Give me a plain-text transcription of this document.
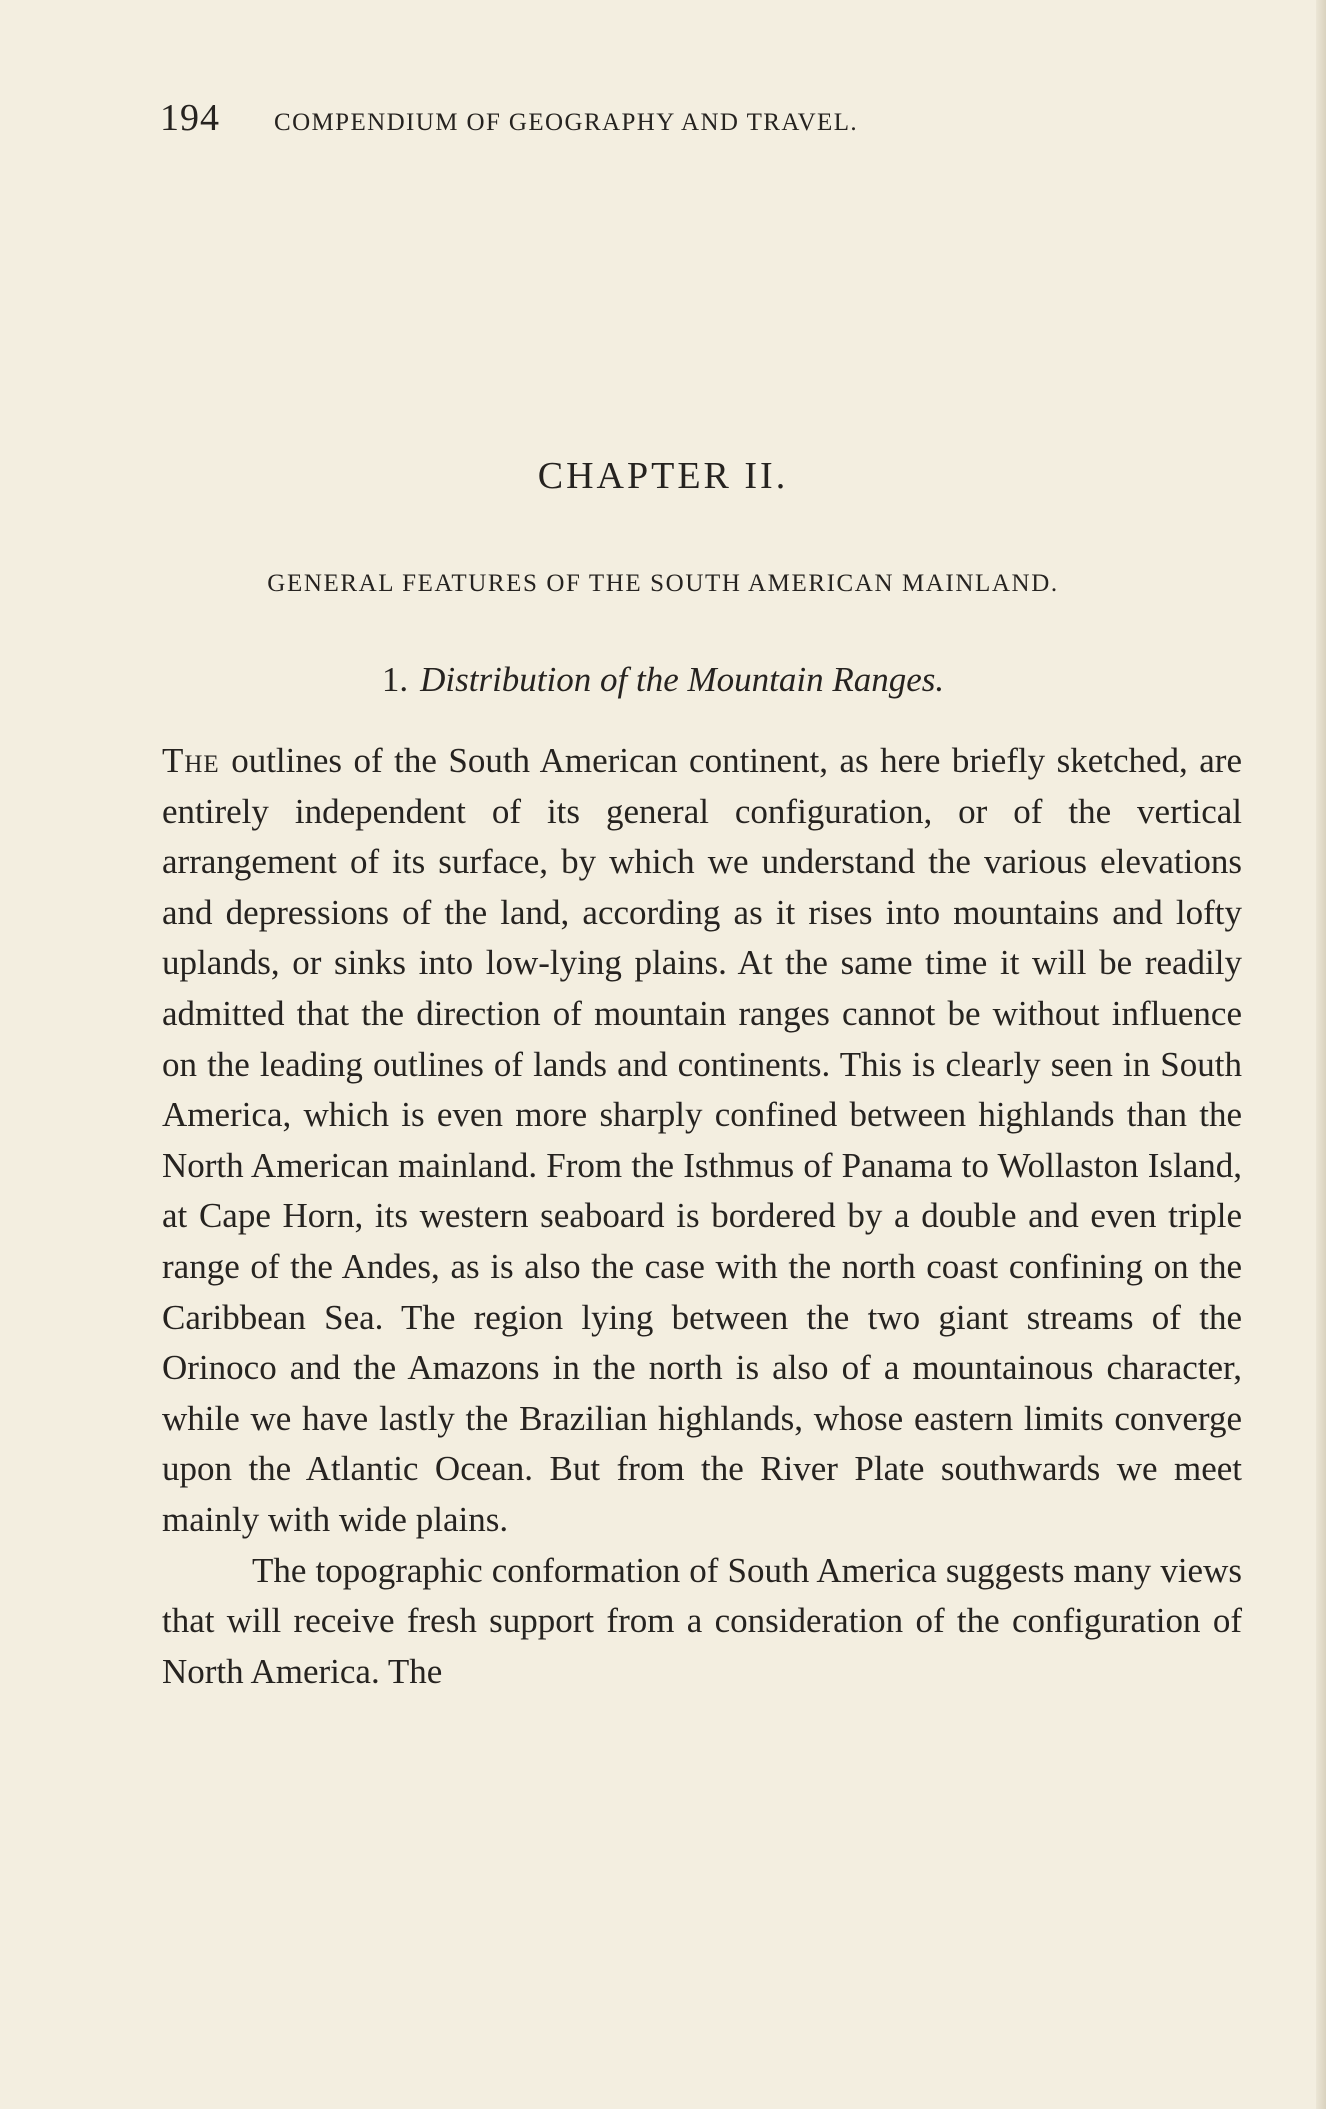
194 COMPENDIUM OF GEOGRAPHY AND TRAVEL.
CHAPTER II.
GENERAL FEATURES OF THE SOUTH AMERICAN MAINLAND.
1. Distribution of the Mountain Ranges.

The outlines of the South American continent, as here briefly sketched, are entirely independent of its general configuration, or of the vertical arrangement of its surface, by which we understand the various elevations and depressions of the land, according as it rises into mountains and lofty uplands, or sinks into low-lying plains. At the same time it will be readily admitted that the direction of mountain ranges cannot be without influence on the leading outlines of lands and continents. This is clearly seen in South America, which is even more sharply confined between highlands than the North American mainland. From the Isthmus of Panama to Wollaston Island, at Cape Horn, its western seaboard is bordered by a double and even triple range of the Andes, as is also the case with the north coast confining on the Caribbean Sea. The region lying between the two giant streams of the Orinoco and the Amazons in the north is also of a mountainous character, while we have lastly the Brazilian highlands, whose eastern limits converge upon the Atlantic Ocean. But from the River Plate southwards we meet mainly with wide plains.

The topographic conformation of South America suggests many views that will receive fresh support from a consideration of the configuration of North America. The
